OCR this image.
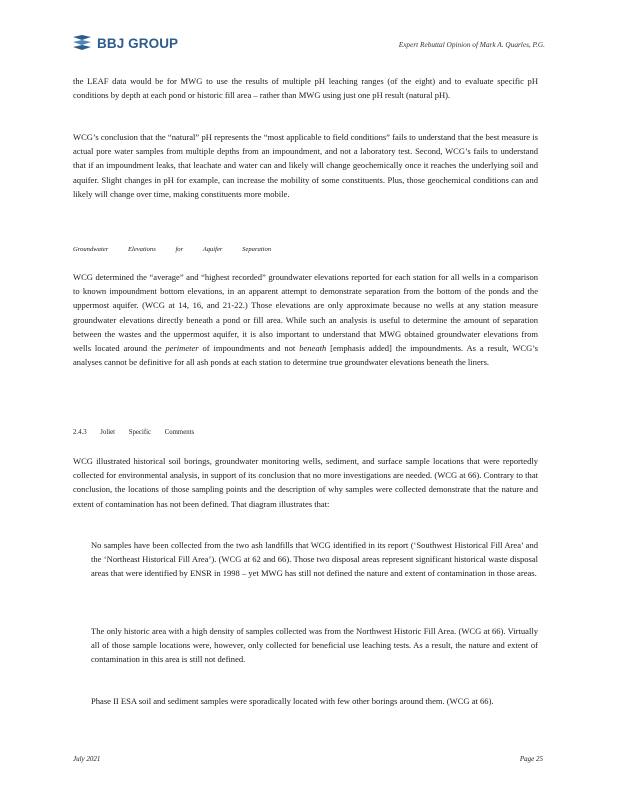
BBJ GROUP	Expert Rebuttal Opinion of Mark A. Quarles, P.G.

the LEAF data would be for MWG to use the results of multiple pH leaching ranges (of the eight) and to evaluate specific pH conditions by depth at each pond or historic fill area – rather than MWG using just one pH result (natural pH).

WCG’s conclusion that the “natural” pH represents the “most applicable to field conditions” fails to understand that the best measure is actual pore water samples from multiple depths from an impoundment, and not a laboratory test. Second, WCG’s fails to understand that if an impoundment leaks, that leachate and water can and likely will change geochemically once it reaches the underlying soil and aquifer. Slight changes in pH for example, can increase the mobility of some constituents. Plus, those geochemical conditions can and likely will change over time, making constituents more mobile.

Groundwater	Elevations	for	Aquifer	Separation

WCG determined the “average” and “highest recorded” groundwater elevations reported for each station for all wells in a comparison to known impoundment bottom elevations, in an apparent attempt to demonstrate separation from the bottom of the ponds and the uppermost aquifer. (WCG at 14, 16, and 21-22.) Those elevations are only approximate because no wells at any station measure groundwater elevations directly beneath a pond or fill area. While such an analysis is useful to determine the amount of separation between the wastes and the uppermost aquifer, it is also important to understand that MWG obtained groundwater elevations from wells located around the perimeter of impoundments and not beneath [emphasis added] the impoundments. As a result, WCG’s analyses cannot be definitive for all ash ponds at each station to determine true groundwater elevations beneath the liners.

2.4.3 Joliet Specific Comments

WCG illustrated historical soil borings, groundwater monitoring wells, sediment, and surface sample locations that were reportedly collected for environmental analysis, in support of its conclusion that no more investigations are needed. (WCG at 66). Contrary to that conclusion, the locations of those sampling points and the description of why samples were collected demonstrate that the nature and extent of contamination has not been defined. That diagram illustrates that:

No samples have been collected from the two ash landfills that WCG identified in its report (‘Southwest Historical Fill Area’ and the ‘Northeast Historical Fill Area’). (WCG at 62 and 66). Those two disposal areas represent significant historical waste disposal areas that were identified by ENSR in 1998 – yet MWG has still not defined the nature and extent of contamination in those areas.

The only historic area with a high density of samples collected was from the Northwest Historic Fill Area. (WCG at 66). Virtually all of those sample locations were, however, only collected for beneficial use leaching tests. As a result, the nature and extent of contamination in this area is still not defined.

Phase II ESA soil and sediment samples were sporadically located with few other borings around them. (WCG at 66).

July 2021	Page 25
